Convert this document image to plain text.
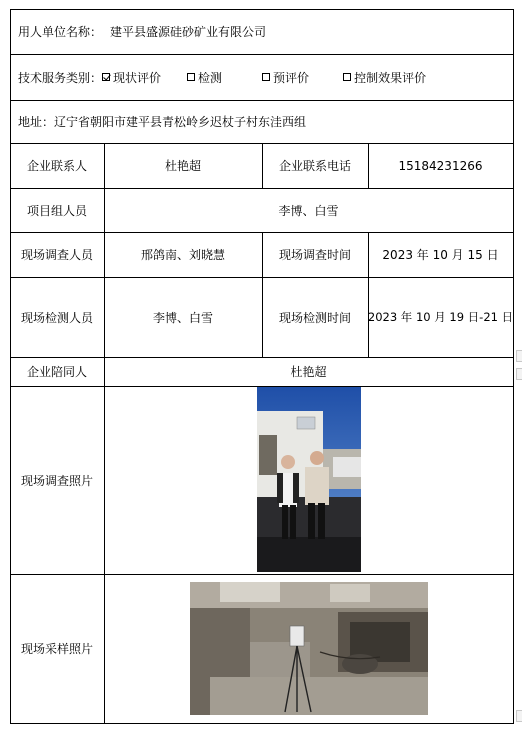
用人单位名称： 建平县盛源硅砂矿业有限公司
技术服务类别： 现状评价	检测	预评价	控制效果评价
地址： 辽宁省朝阳市建平县青松岭乡迟杖子村东洼西组
企业联系人	杜艳超	企业联系电话	15184231266
项目组人员	李博、白雪
现场调查人员	邢鸽南、刘晓慧	现场调查时间	2023 年 10 月 15 日
现场检测人员	李博、白雪	现场检测时间	2023 年 10 月 19 日-21 日
企业陪同人	杜艳超
现场调查照片
现场采样照片
